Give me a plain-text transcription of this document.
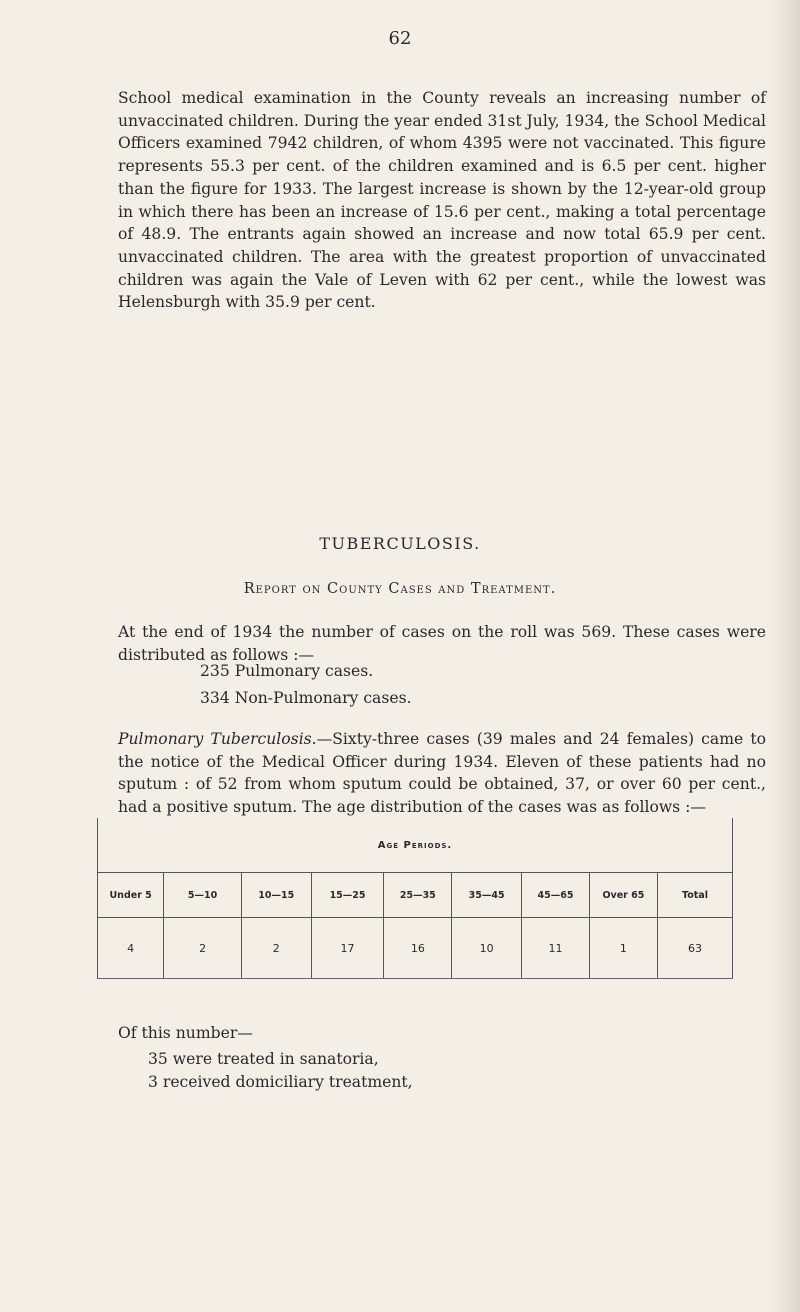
62

School medical examination in the County reveals an increasing number of unvaccinated children. During the year ended 31st July, 1934, the School Medical Officers examined 7942 children, of whom 4395 were not vaccinated. This figure represents 55.3 per cent. of the children examined and is 6.5 per cent. higher than the figure for 1933. The largest increase is shown by the 12-year-old group in which there has been an increase of 15.6 per cent., making a total percentage of 48.9. The entrants again showed an increase and now total 65.9 per cent. unvaccinated children. The area with the greatest proportion of unvaccinated children was again the Vale of Leven with 62 per cent., while the lowest was Helensburgh with 35.9 per cent.

TUBERCULOSIS.
Report on County Cases and Treatment.

At the end of 1934 the number of cases on the roll was 569. These cases were distributed as follows :—

235 Pulmonary cases.
334 Non-Pulmonary cases.

Pulmonary Tuberculosis.—Sixty-three cases (39 males and 24 females) came to the notice of the Medical Officer during 1934. Eleven of these patients had no sputum : of 52 from whom sputum could be obtained, 37, or over 60 per cent., had a positive sputum. The age distribution of the cases was as follows :—

Age Periods.								
Under 5	5—10	10—15	15—25	25—35	35—45	45—65	Over 65	Total
4	2	2	17	16	10	11	1	63

Of this number—

35 were treated in sanatoria,
3 received domiciliary treatment,
